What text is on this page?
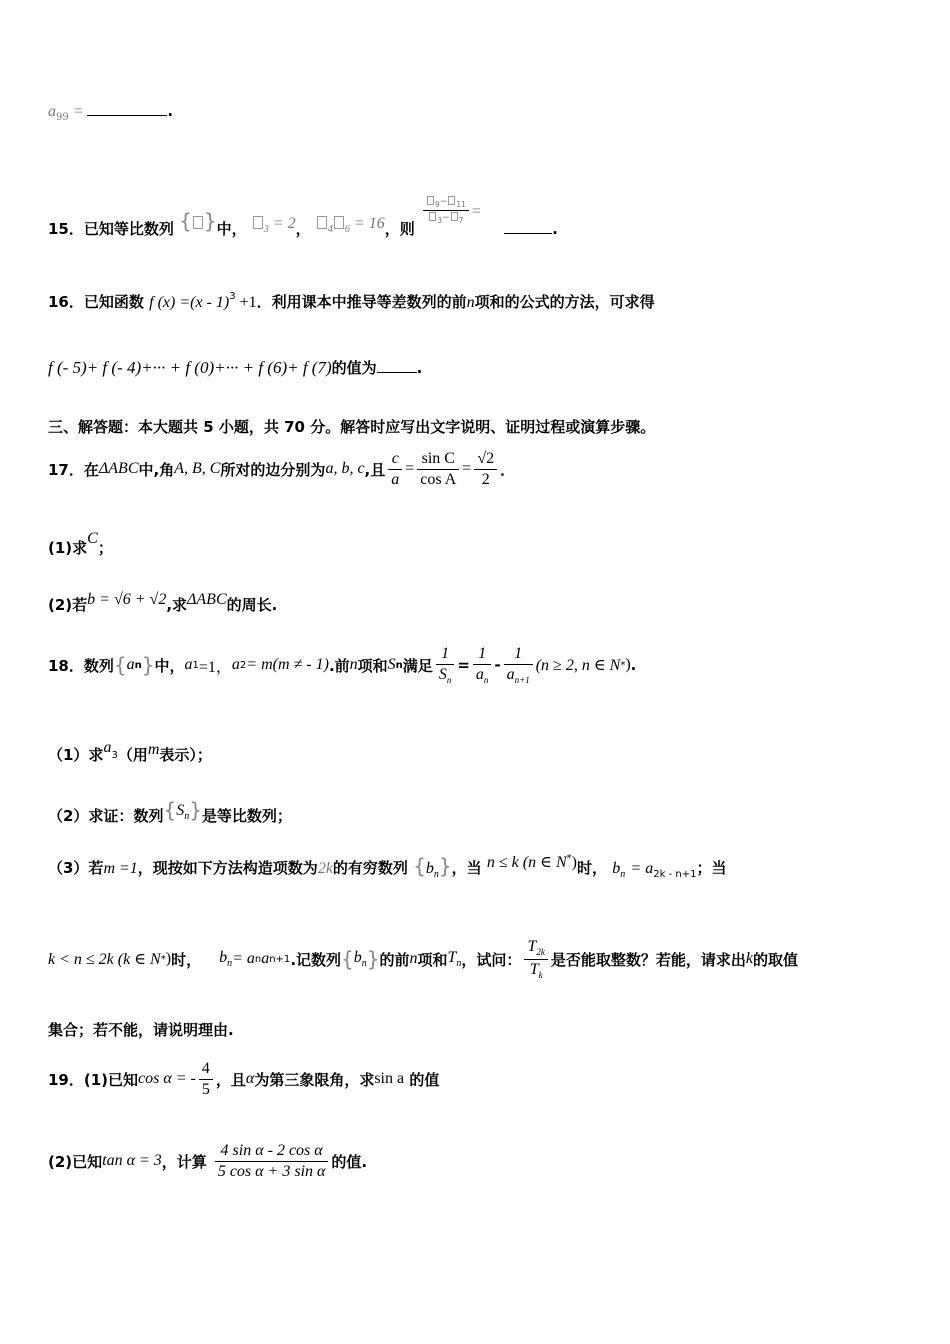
$a_{99}$ =	.
15．已知等比数列 { }中， $_3$ = 2， $_4$ $_6$ = 16，则
$\frac{_9- _{11}}{_3- _7}$ = .
16．已知函数 f (x) =(x - 1)$^3$ +1．利用课本中推导等差数列的前n项和的公式的方法，可求得
f (- 5)+ f (- 4)+··· + f (0)+··· + f (6)+ f (7)的值为	.
三、解答题：本大题共 5 小题，共 70 分。解答时应写出文字说明、证明过程或演算步骤。
17． 在 ΔABC 中,角 A, B, C 所对的边分别为 a, b, c ,且 $\frac{c}{a} = \frac{\text{sin C}}{\text{cos A}} = \frac{√2}{2}$ ．
(1)求C；
(2)若b = √6 + √2,求ΔABC的周长.
18． 数列 { a n } 中， a 1 =1， a 2 = m(m ≠ - 1) .前 n 项和 S n 满足 $\frac{1}{S_n} = \frac{1}{a_n} - \frac{1}{a_{n+1}} (n \ge 2$, n ∈ N * ) .
（1）求$a^3$（用m表示）；
（2）求证：数列$\{S_n\}$是等比数列；
（3）若m =1，现按如下方法构造项数为2k的有穷数列 $\{b_n\}$，当 n ≤ k (n ∈ N*)时， $b_n = a_{2k - n+1}$；当
k < n ≤ 2k (k ∈ N * ) 时， $b_n = a$ n a n+1 .记数列 { $b_n$ } 的前 n 项和 $T_n$ ，试问： $\frac{T_{2k}}{T_k}$ 是否能取整数？若能，请求出 k 的取值
集合；若不能，请说明理由.
19． (1)已知 cos α = - $\frac{4}{5}$ ，且 α 为第三象限角，求 sin a
的值
(2)已知 tan α = 3 ，计算 $\frac{\text{4 sin α - 2 cos α}}{\text{5 cos α + 3 sin α}}$ 的值.
